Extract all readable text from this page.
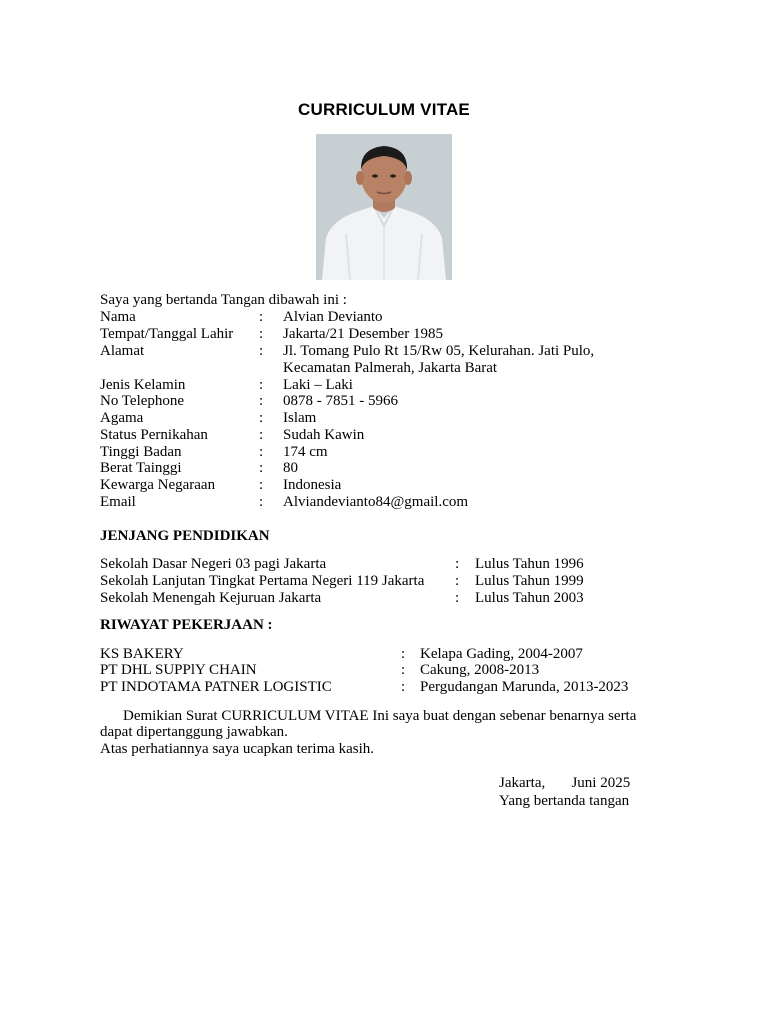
CURRICULUM VITAE
Saya yang bertanda Tangan dibawah ini :
Nama	: Alvian Devianto
Tempat/Tanggal Lahir : Jakarta/21 Desember 1985
Alamat	: Jl. Tomang Pulo Rt 15/Rw 05, Kelurahan. Jati Pulo,
Kecamatan Palmerah, Jakarta Barat
Jenis Kelamin	: Laki – Laki
No Telephone	: 0878 - 7851 - 5966
Agama	: Islam
Status Pernikahan	: Sudah Kawin
Tinggi Badan	: 174 cm
Berat Tainggi	: 80
Kewarga Negaraan	: Indonesia
Email	: Alviandevianto84@gmail.com
JENJANG PENDIDIKAN
Sekolah Dasar Negeri 03 pagi Jakarta	: Lulus Tahun 1996
Sekolah Lanjutan Tingkat Pertama Negeri 119 Jakarta : Lulus Tahun 1999
Sekolah Menengah Kejuruan Jakarta	: Lulus Tahun 2003
RIWAYAT PEKERJAAN :
KS BAKERY	: Kelapa Gading, 2004-2007
PT DHL SUPPlY CHAIN	: Cakung, 2008-2013
PT INDOTAMA PATNER LOGISTIC	: Pergudangan Marunda, 2013-2023
Demikian Surat CURRICULUM VITAE Ini saya buat dengan sebenar benarnya serta
dapat dipertanggung jawabkan.
Atas perhatiannya saya ucapkan terima kasih.
Jakarta,       Juni 2025
Yang bertanda tangan
